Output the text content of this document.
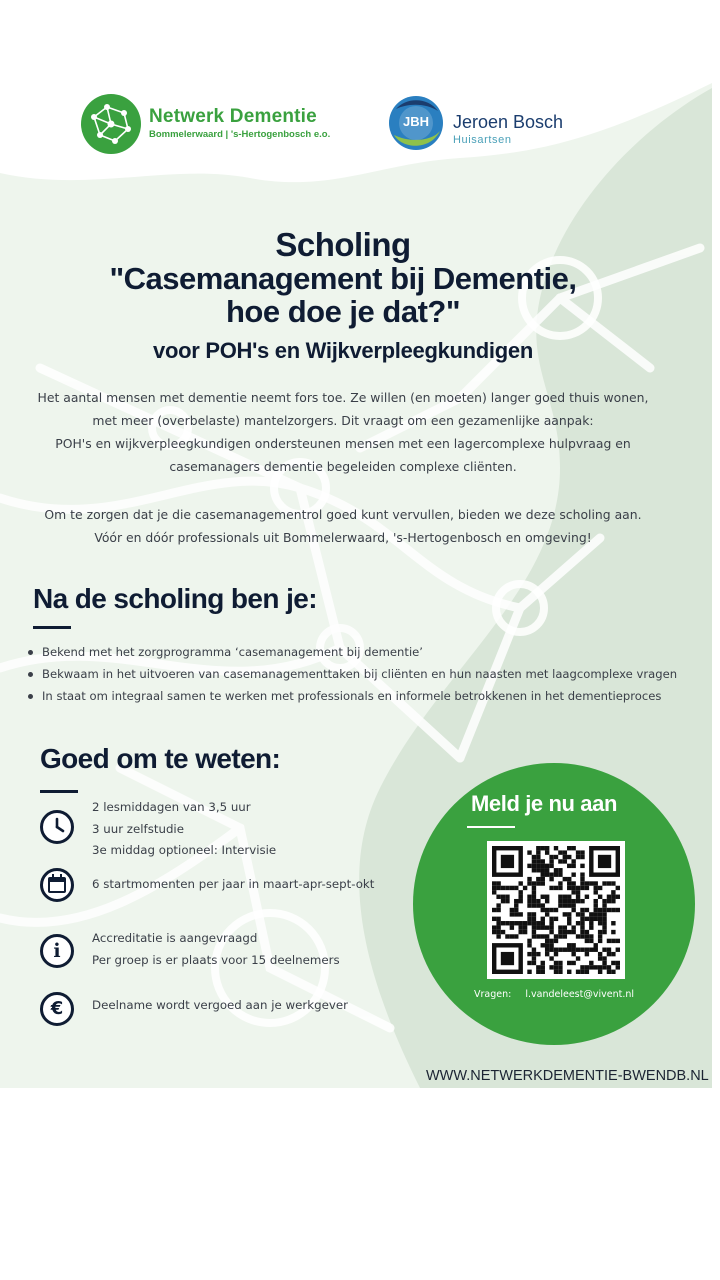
Netwerk Dementie
Bommelerwaard | 's-Hertogenbosch e.o.
JBH	Jeroen Bosch
Huisartsen
Scholing
"Casemanagement bij Dementie,
hoe doe je dat?"
voor POH's en Wijkverpleegkundigen
Het aantal mensen met dementie neemt fors toe. Ze willen (en moeten) langer goed thuis wonen,
met meer (overbelaste) mantelzorgers. Dit vraagt om een gezamenlijke aanpak:
POH's en wijkverpleegkundigen ondersteunen mensen met een lagercomplexe hulpvraag en
casemanagers dementie begeleiden complexe cliënten.
Om te zorgen dat je die casemanagementrol goed kunt vervullen, bieden we deze scholing aan.
Vóór en dóór professionals uit Bommelerwaard, 's-Hertogenbosch en omgeving!
Na de scholing ben je:
Bekend met het zorgprogramma ‘casemanagement bij dementie’
Bekwaam in het uitvoeren van casemanagementtaken bij cliënten en hun naasten met laagcomplexe vragen
In staat om integraal samen te werken met professionals en informele betrokkenen in het dementieproces
Goed om te weten:
2 lesmiddagen van 3,5 uur
3 uur zelfstudie
3e middag optioneel: Intervisie
6 startmomenten per jaar in maart-apr-sept-okt
i
Accreditatie is aangevraagd
Per groep is er plaats voor 15 deelnemers
€	Deelname wordt vergoed aan je werkgever
Meld je nu aan
Vragen: l.vandeleest@vivent.nl
WWW.NETWERKDEMENTIE-BWENDB.NL
